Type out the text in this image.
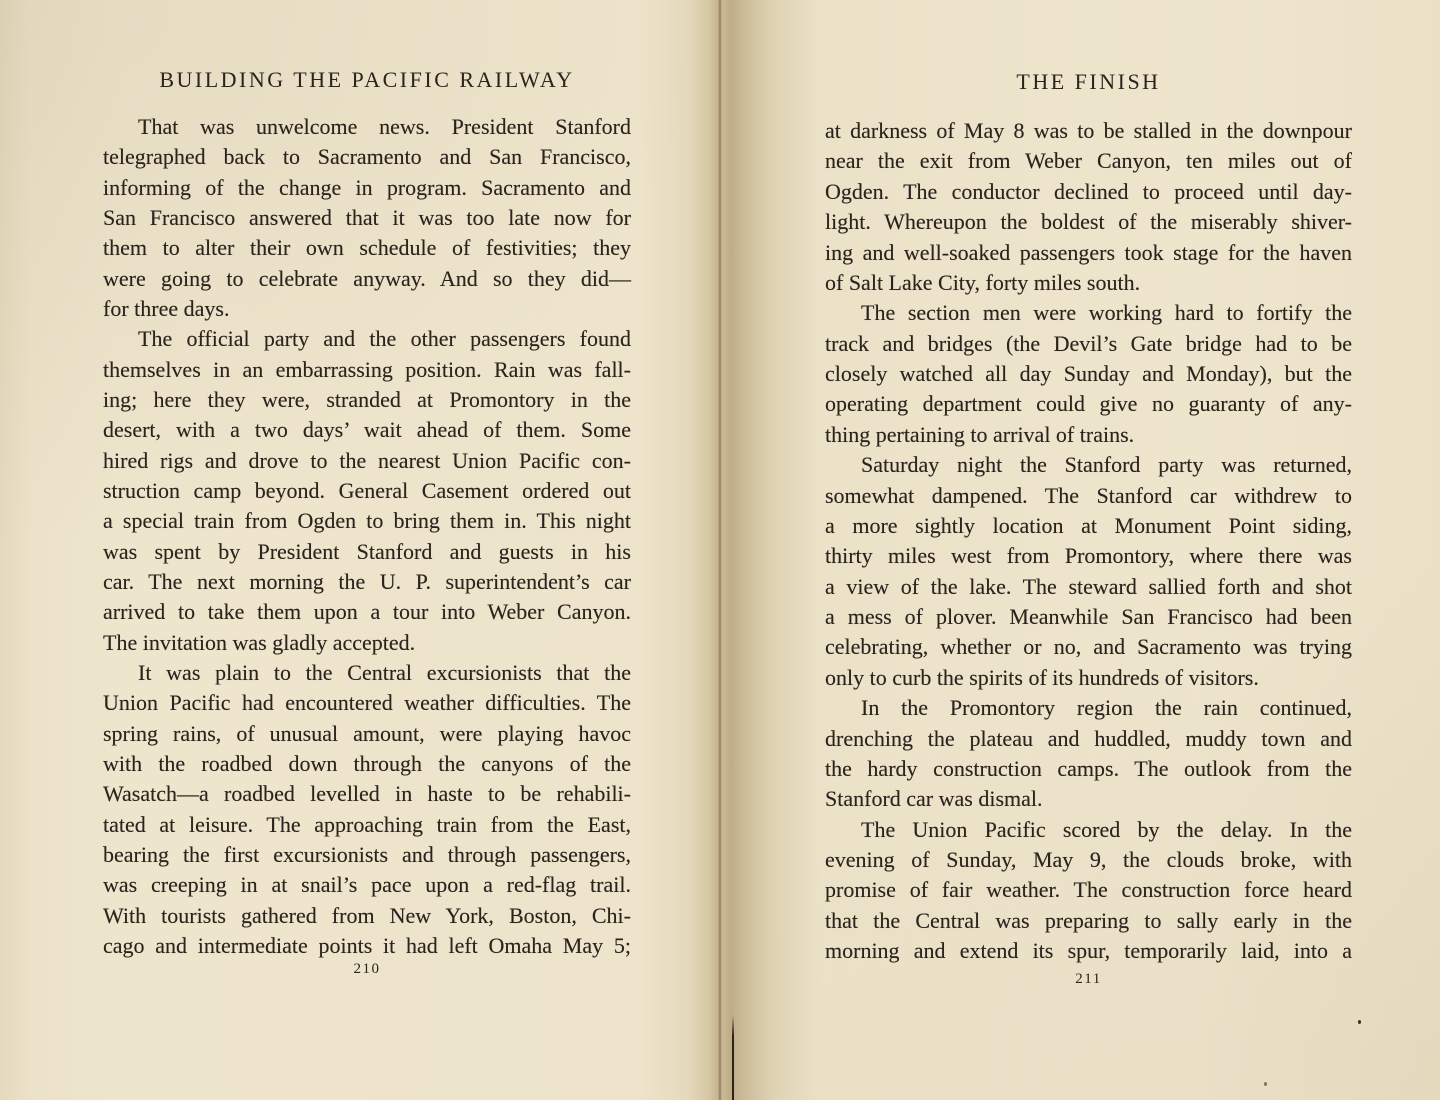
BUILDING THE PACIFIC RAILWAY
That was unwelcome news. President Stanford
telegraphed back to Sacramento and San Francisco,
informing of the change in program. Sacramento and
San Francisco answered that it was too late now for
them to alter their own schedule of festivities; they
were going to celebrate anyway. And so they did—
for three days.
The official party and the other passengers found
themselves in an embarrassing position. Rain was fall-
ing; here they were, stranded at Promontory in the
desert, with a two days’ wait ahead of them. Some
hired rigs and drove to the nearest Union Pacific con-
struction camp beyond. General Casement ordered out
a special train from Ogden to bring them in. This night
was spent by President Stanford and guests in his
car. The next morning the U. P. superintendent’s car
arrived to take them upon a tour into Weber Canyon.
The invitation was gladly accepted.
It was plain to the Central excursionists that the
Union Pacific had encountered weather difficulties. The
spring rains, of unusual amount, were playing havoc
with the roadbed down through the canyons of the
Wasatch—a roadbed levelled in haste to be rehabili-
tated at leisure. The approaching train from the East,
bearing the first excursionists and through passengers,
was creeping in at snail’s pace upon a red-flag trail.
With tourists gathered from New York, Boston, Chi-
cago and intermediate points it had left Omaha May 5;
210
THE FINISH
at darkness of May 8 was to be stalled in the downpour
near the exit from Weber Canyon, ten miles out of
Ogden. The conductor declined to proceed until day-
light. Whereupon the boldest of the miserably shiver-
ing and well-soaked passengers took stage for the haven
of Salt Lake City, forty miles south.
The section men were working hard to fortify the
track and bridges (the Devil’s Gate bridge had to be
closely watched all day Sunday and Monday), but the
operating department could give no guaranty of any-
thing pertaining to arrival of trains.
Saturday night the Stanford party was returned,
somewhat dampened. The Stanford car withdrew to
a more sightly location at Monument Point siding,
thirty miles west from Promontory, where there was
a view of the lake. The steward sallied forth and shot
a mess of plover. Meanwhile San Francisco had been
celebrating, whether or no, and Sacramento was trying
only to curb the spirits of its hundreds of visitors.
In the Promontory region the rain continued,
drenching the plateau and huddled, muddy town and
the hardy construction camps. The outlook from the
Stanford car was dismal.
The Union Pacific scored by the delay. In the
evening of Sunday, May 9, the clouds broke, with
promise of fair weather. The construction force heard
that the Central was preparing to sally early in the
morning and extend its spur, temporarily laid, into a
211
